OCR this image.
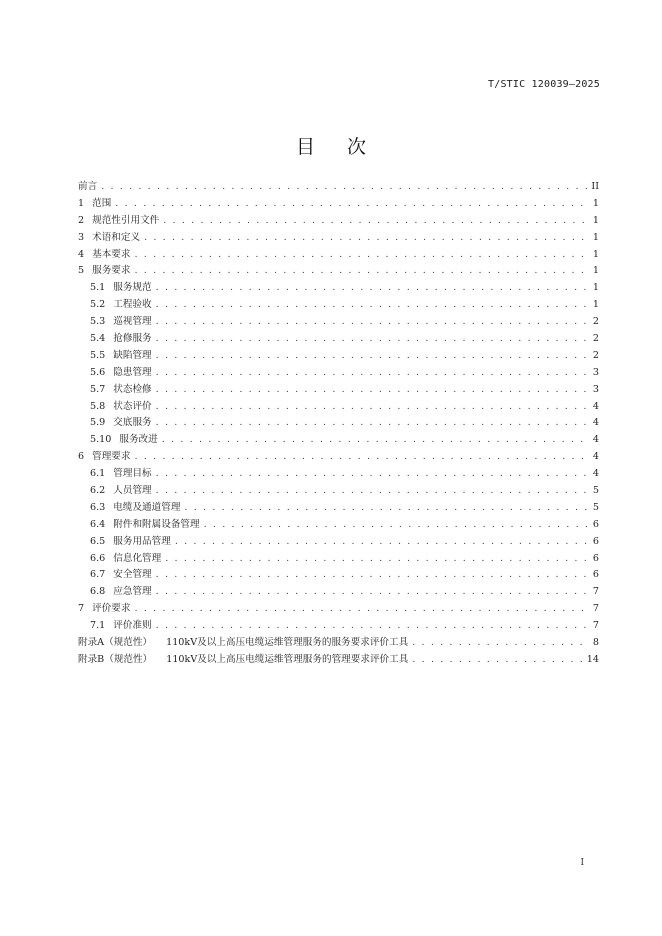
T/STIC 120039—2025
目次
前言 . . .	II
1 范围 . . .	1
2 规范性引用文件 . . .	1
3 术语和定义 . . .	1
4 基本要求 . . .	1
5 服务要求 . . .	1
5.1 服务规范 . . .	1
5.2 工程验收 . . .	1
5.3 巡视管理 . . .	2
5.4 抢修服务 . . .	2
5.5 缺陷管理 . . .	2
5.6 隐患管理 . . .	3
5.7 状态检修 . . .	3
5.8 状态评价 . . .	4
5.9 交底服务 . . .	4
5.10 服务改进 . . .	4
6 管理要求 . . .	4
6.1 管理目标 . . .	4
6.2 人员管理 . . .	5
6.3 电缆及通道管理 . . .	5
6.4 附件和附属设备管理 . . .	6
6.5 服务用品管理 . . .	6
6.6 信息化管理 . . .	6
6.7 安全管理 . . .	6
6.8 应急管理 . . .	7
7 评价要求 . . .	7
7.1 评价准则 . . .	7
附录A（规范性） 110kV及以上高压电缆运维管理服务的服务要求评价工具 . . .	8
附录B（规范性） 110kV及以上高压电缆运维管理服务的管理要求评价工具 . . .	14
I
